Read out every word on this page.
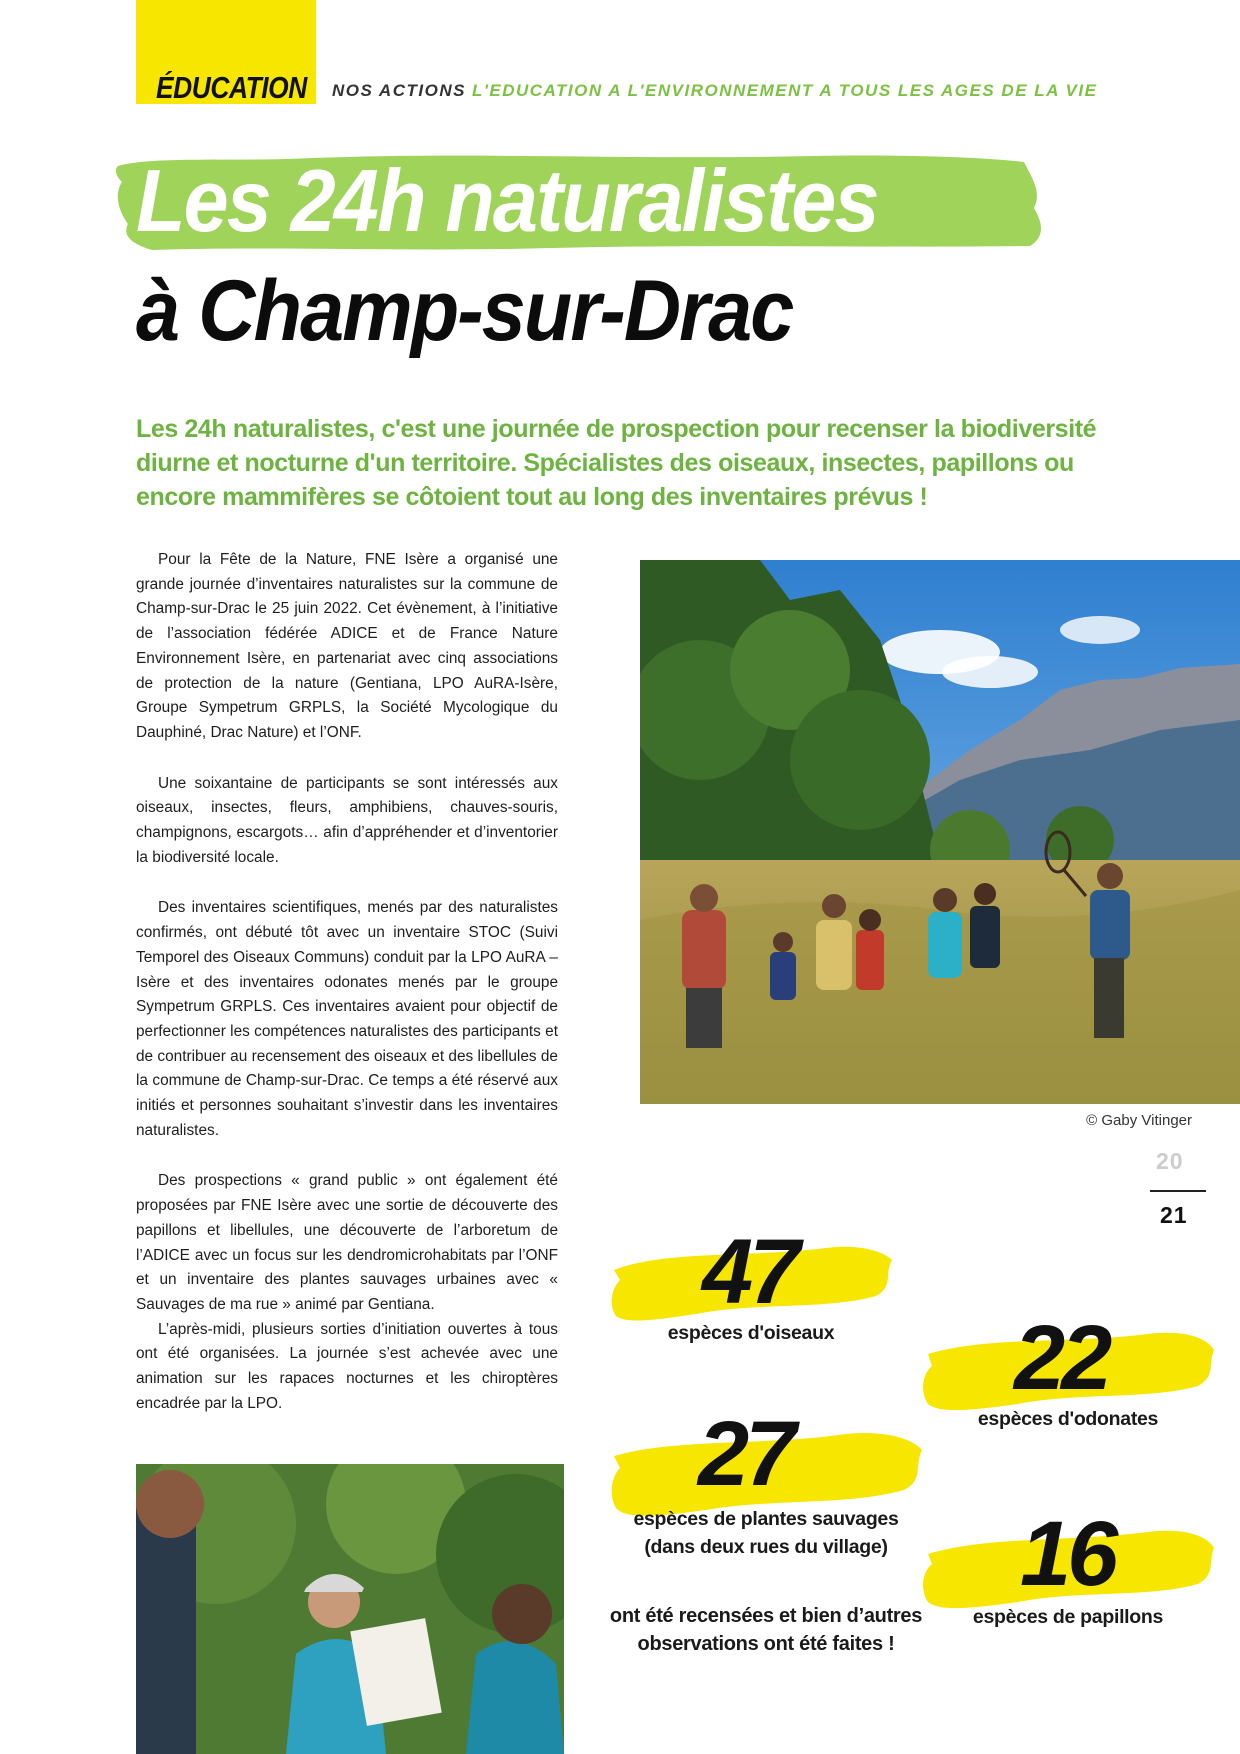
ÉDUCATION NOS ACTIONS L'EDUCATION A L'ENVIRONNEMENT A TOUS LES AGES DE LA VIE
Les 24h naturalistes
à Champ-sur-Drac
Les 24h naturalistes, c'est une journée de prospection pour recenser la biodiversité diurne et nocturne d'un territoire. Spécialistes des oiseaux, insectes, papillons ou encore mammifères se côtoient tout au long des inventaires prévus !

Pour la Fête de la Nature, FNE Isère a organisé une grande journée d’inventaires naturalistes sur la commune de Champ-sur-Drac le 25 juin 2022. Cet évènement, à l’initiative de l’association fédérée ADICE et de France Nature Environnement Isère, en partenariat avec cinq associations de protection de la nature (Gentiana, LPO AuRA-Isère, Groupe Sympetrum GRPLS, la Société Mycologique du Dauphiné, Drac Nature) et l’ONF.

Une soixantaine de participants se sont intéressés aux oiseaux, insectes, fleurs, amphibiens, chauves-souris, champignons, escargots… afin d’appréhender et d’inventorier la biodiversité locale.

Des inventaires scientifiques, menés par des naturalistes confirmés, ont débuté tôt avec un inventaire STOC (Suivi Temporel des Oiseaux Communs) conduit par la LPO AuRA – Isère et des inventaires odonates menés par le groupe Sympetrum GRPLS. Ces inventaires avaient pour objectif de perfectionner les compétences naturalistes des participants et de contribuer au recensement des oiseaux et des libellules de la commune de Champ-sur-Drac. Ce temps a été réservé aux initiés et personnes souhaitant s’investir dans les inventaires naturalistes.

Des prospections « grand public » ont également été proposées par FNE Isère avec une sortie de découverte des papillons et libellules, une découverte de l’arboretum de l’ADICE avec un focus sur les dendromicrohabitats par l’ONF et un inventaire des plantes sauvages urbaines avec « Sauvages de ma rue » animé par Gentiana.

L’après-midi, plusieurs sorties d’initiation ouvertes à tous ont été organisées. La journée s’est achevée avec une animation sur les rapaces nocturnes et les chiroptères encadrée par la LPO.

© Gaby Vitinger
20
21
47
espèces d'oiseaux	22
espèces d'odonates
27
espèces de plantes sauvages
(dans deux rues du village)	16
espèces de papillons
ont été recensées et bien d’autres
observations ont été faites !
